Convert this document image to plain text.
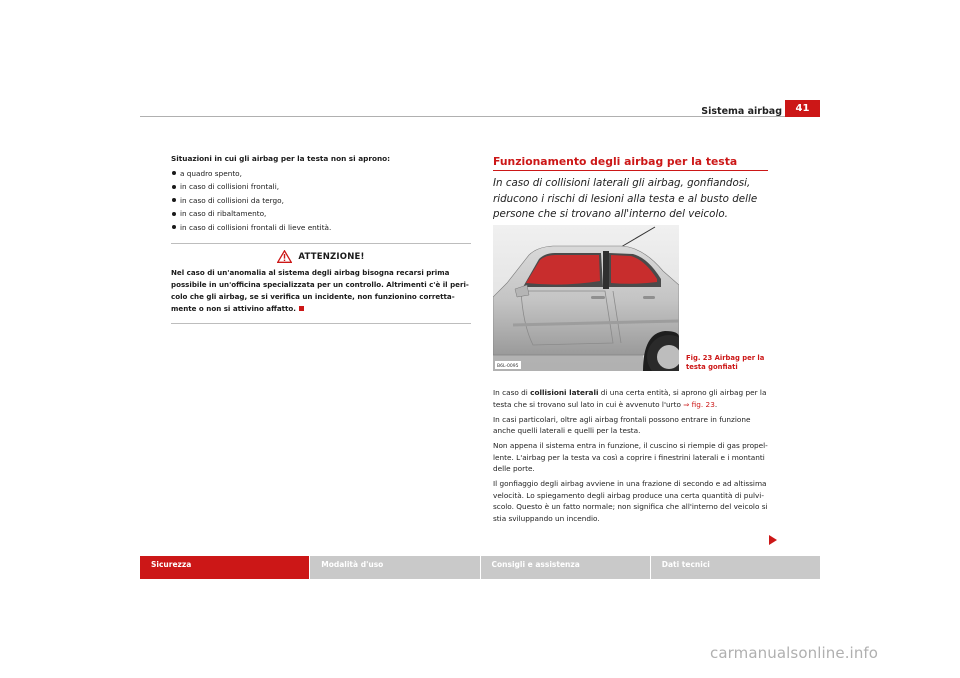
Sistema airbag	41
Situazioni in cui gli airbag per la testa non si aprono:
a quadro spento,
in caso di collisioni frontali,
in caso di collisioni da tergo,
in caso di ribaltamento,
in caso di collisioni frontali di lieve entità.
ATTENZIONE!
Nel caso di un'anomalia al sistema degli airbag bisogna recarsi prima possibile in un'officina specializzata per un controllo. Altrimenti c'è il peri-colo che gli airbag, se si verifica un incidente, non funzionino corretta-mente o non si attivino affatto.
Funzionamento degli airbag per la testa
In caso di collisioni laterali gli airbag, gonfiandosi, riducono i rischi di lesioni alla testa e al busto delle persone che si trovano all'interno del veicolo.
B6L-0095
Fig. 23 Airbag per la
testa gonfiati

In caso di collisioni laterali di una certa entità, si aprono gli airbag per la testa che si trovano sul lato in cui è avvenuto l'urto ⇒ fig. 23.

In casi particolari, oltre agli airbag frontali possono entrare in funzione anche quelli laterali e quelli per la testa.

Non appena il sistema entra in funzione, il cuscino si riempie di gas propel-lente. L'airbag per la testa va così a coprire i finestrini laterali e i montanti delle porte.

Il gonfiaggio degli airbag avviene in una frazione di secondo e ad altissima velocità. Lo spiegamento degli airbag produce una certa quantità di pulvi-scolo. Questo è un fatto normale; non significa che all'interno del veicolo si stia sviluppando un incendio.

Sicurezza	Modalità d'uso	Consigli e assistenza	Dati tecnici
carmanualsonline.info
